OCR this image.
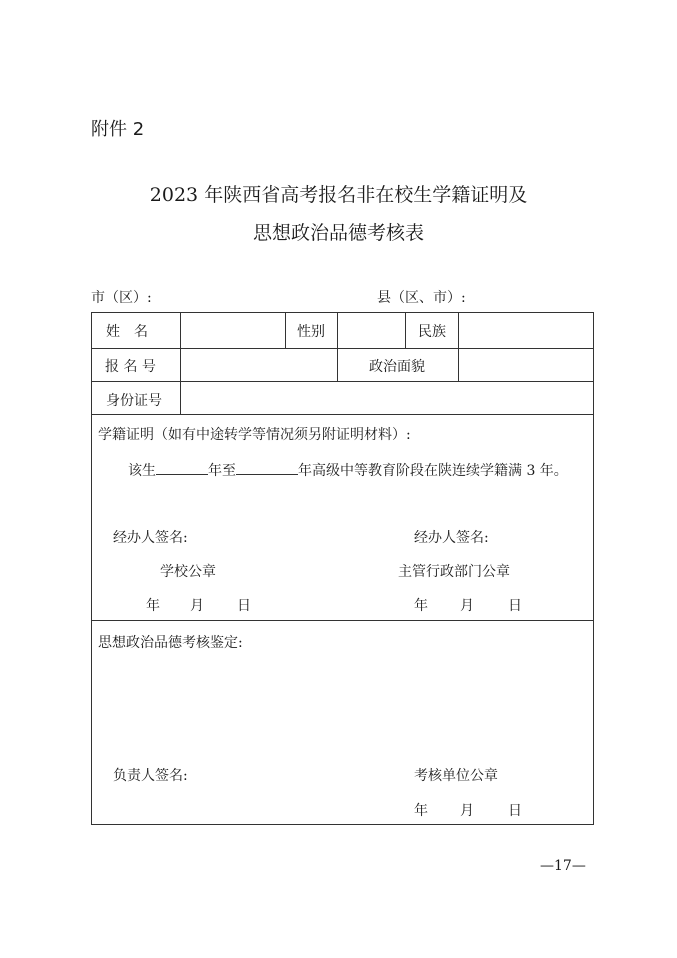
附件 2
2023 年陕西省高考报名非在校生学籍证明及
思想政治品德考核表
市（区）:	县（区、市）:
姓　名	性别	民族
报 名 号	政治面貌
身份证号
学籍证明（如有中途转学等情况须另附证明材料）:
该生	年至	年高级中等教育阶段在陕连续学籍满 3 年。
经办人签名:	经办人签名:
学校公章	主管行政部门公章
年 月 日	年 月 日
思想政治品德考核鉴定:
负责人签名:	考核单位公章
年 月 日
—17—
